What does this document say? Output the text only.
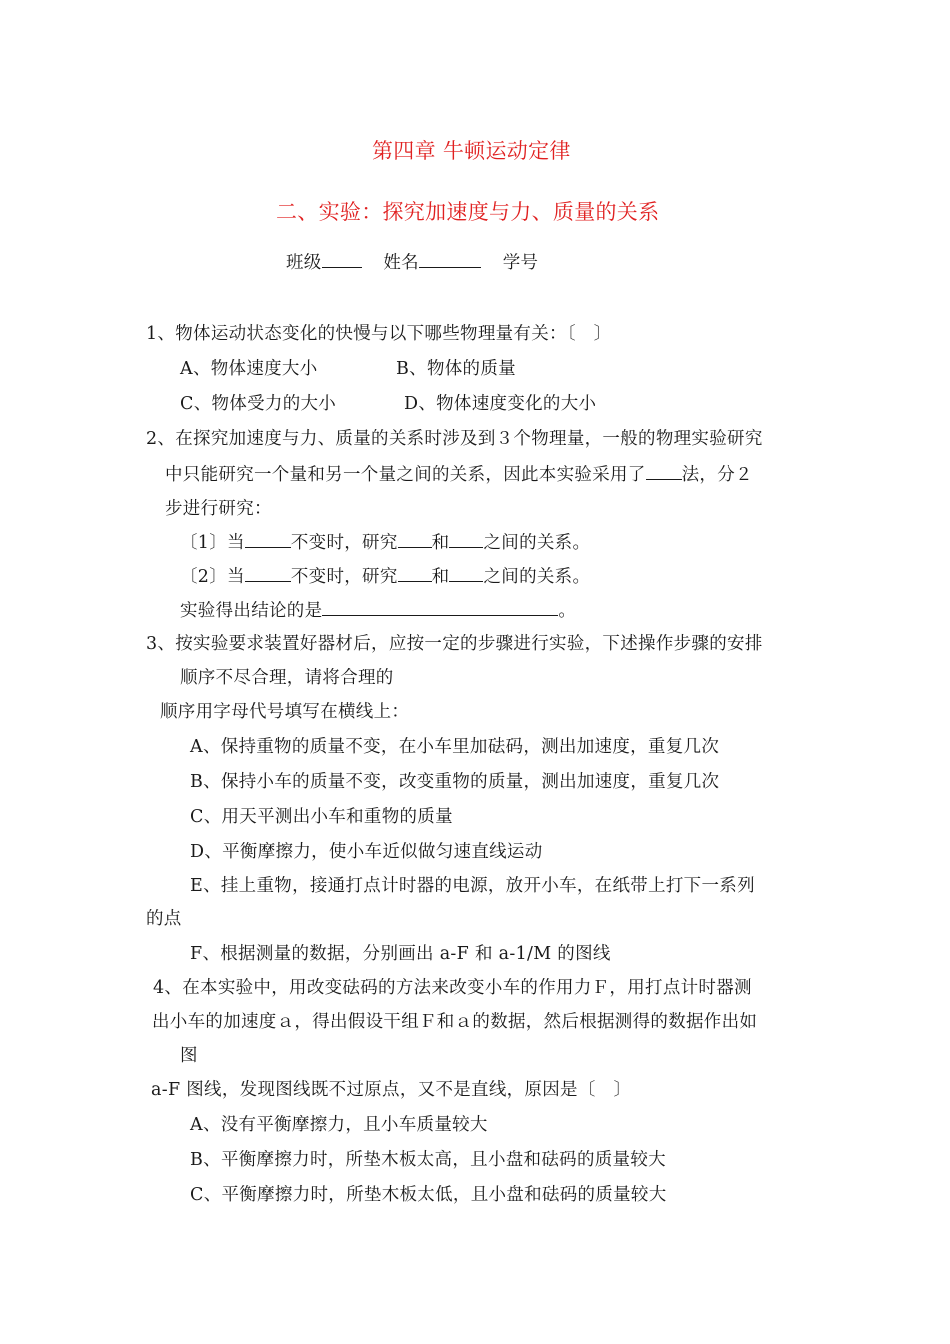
第四章 牛顿运动定律
二、实验：探究加速度与力、质量的关系
班级	姓名	学号
1、物体运动状态变化的快慢与以下哪些物理量有关：〔　〕
A、物体速度大小	B、物体的质量
C、物体受力的大小	D、物体速度变化的大小
2、在探究加速度与力、质量的关系时涉及到３个物理量，一般的物理实验研究
中只能研究一个量和另一个量之间的关系，因此本实验采用了 法，分２
步进行研究：
〔1〕当	不变时，研究 和 之间的关系。
〔2〕当	不变时，研究 和 之间的关系。
实验得出结论的是	。
3、按实验要求装置好器材后，应按一定的步骤进行实验，下述操作步骤的安排
顺序不尽合理，请将合理的
顺序用字母代号填写在横线上：
A、保持重物的质量不变，在小车里加砝码，测出加速度，重复几次
B、保持小车的质量不变，改变重物的质量，测出加速度，重复几次
C、用天平测出小车和重物的质量
D、平衡摩擦力，使小车近似做匀速直线运动
E、挂上重物，接通打点计时器的电源，放开小车，在纸带上打下一系列
的点
F、根据测量的数据，分别画出 a-F 和 a-1/M 的图线
4、在本实验中，用改变砝码的方法来改变小车的作用力Ｆ，用打点计时器测
出小车的加速度ａ，得出假设干组Ｆ和ａ的数据，然后根据测得的数据作出如
图
a-F 图线，发现图线既不过原点，又不是直线，原因是〔　〕
A、没有平衡摩擦力，且小车质量较大
B、平衡摩擦力时，所垫木板太高，且小盘和砝码的质量较大
C、平衡摩擦力时，所垫木板太低，且小盘和砝码的质量较大
